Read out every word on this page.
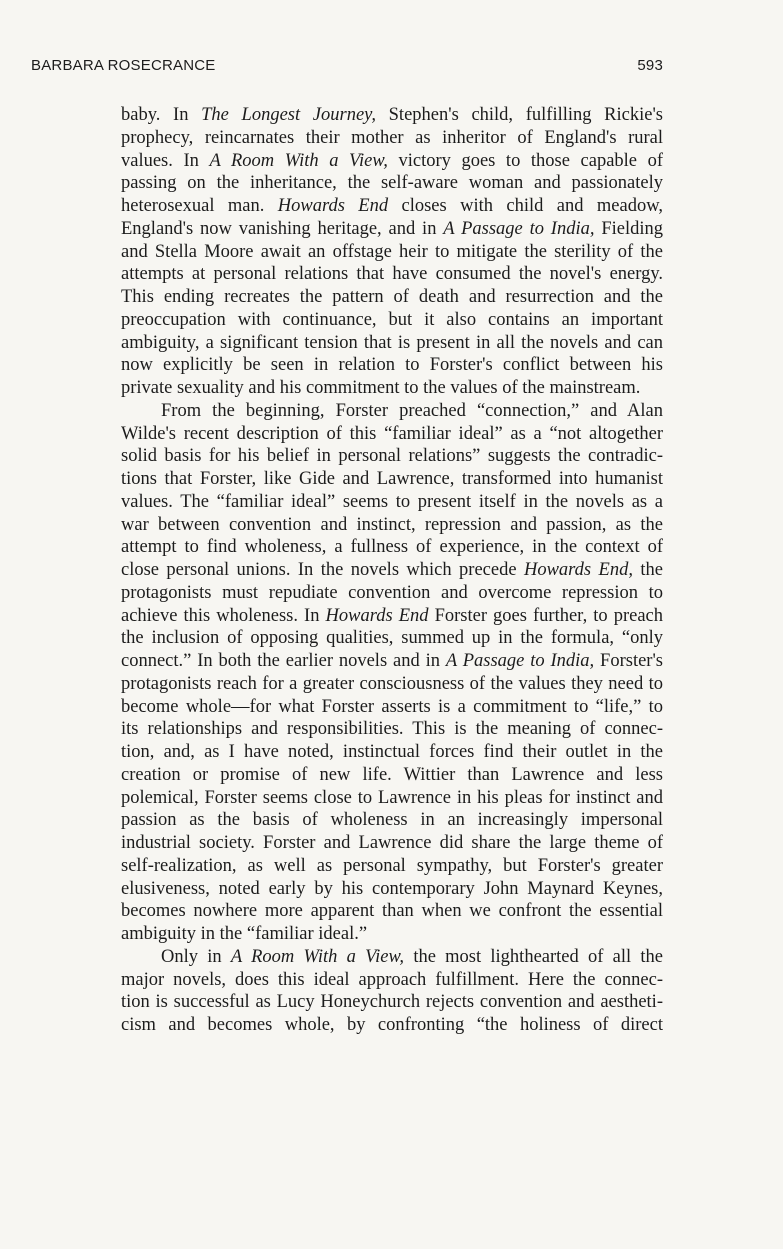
BARBARA ROSECRANCE	593
baby. In The Longest Journey, Stephen's child, fulfilling Rickie's
prophecy, reincarnates their mother as inheritor of England's rural
values. In A Room With a View, victory goes to those capable of
passing on the inheritance, the self-aware woman and passionately
heterosexual man. Howards End closes with child and meadow,
England's now vanishing heritage, and in A Passage to India, Fielding
and Stella Moore await an offstage heir to mitigate the sterility of the
attempts at personal relations that have consumed the novel's energy.
This ending recreates the pattern of death and resurrection and the
preoccupation with continuance, but it also contains an important
ambiguity, a significant tension that is present in all the novels and can
now explicitly be seen in relation to Forster's conflict between his
private sexuality and his commitment to the values of the mainstream.
From the beginning, Forster preached “connection,” and Alan
Wilde's recent description of this “familiar ideal” as a “not altogether
solid basis for his belief in personal relations” suggests the contradic-
tions that Forster, like Gide and Lawrence, transformed into humanist
values. The “familiar ideal” seems to present itself in the novels as a
war between convention and instinct, repression and passion, as the
attempt to find wholeness, a fullness of experience, in the context of
close personal unions. In the novels which precede Howards End, the
protagonists must repudiate convention and overcome repression to
achieve this wholeness. In Howards End Forster goes further, to preach
the inclusion of opposing qualities, summed up in the formula, “only
connect.” In both the earlier novels and in A Passage to India, Forster's
protagonists reach for a greater consciousness of the values they need to
become whole—for what Forster asserts is a commitment to “life,” to
its relationships and responsibilities. This is the meaning of connec-
tion, and, as I have noted, instinctual forces find their outlet in the
creation or promise of new life. Wittier than Lawrence and less
polemical, Forster seems close to Lawrence in his pleas for instinct and
passion as the basis of wholeness in an increasingly impersonal
industrial society. Forster and Lawrence did share the large theme of
self-realization, as well as personal sympathy, but Forster's greater
elusiveness, noted early by his contemporary John Maynard Keynes,
becomes nowhere more apparent than when we confront the essential
ambiguity in the “familiar ideal.”
Only in A Room With a View, the most lighthearted of all the
major novels, does this ideal approach fulfillment. Here the connec-
tion is successful as Lucy Honeychurch rejects convention and aestheti-
cism and becomes whole, by confronting “the holiness of direct
